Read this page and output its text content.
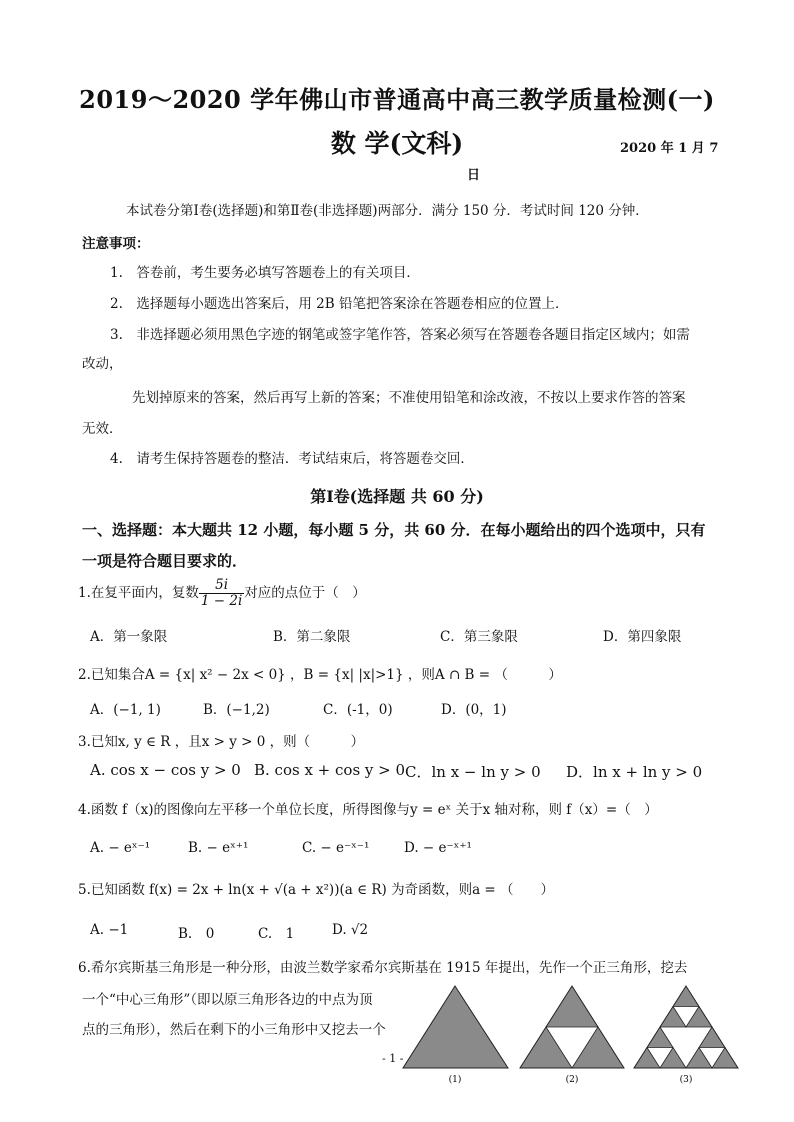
2019～2020 学年佛山市普通高中高三教学质量检测(一)
数 学(文科)	2020 年 1 月 7
日
本试卷分第Ⅰ卷(选择题)和第Ⅱ卷(非选择题)两部分．满分 150 分．考试时间 120 分钟．
注意事项：
1.　答卷前，考生要务必填写答题卷上的有关项目．
2.　选择题每小题选出答案后，用 2B 铅笔把答案涂在答题卷相应的位置上．
3.　非选择题必须用黑色字迹的钢笔或签字笔作答，答案必须写在答题卷各题目指定区域内；如需
改动，
先划掉原来的答案，然后再写上新的答案；不准使用铅笔和涂改液，不按以上要求作答的答案
无效．
4.　请考生保持答题卷的整洁．考试结束后，将答题卷交回．
第Ⅰ卷(选择题 共 60 分)
一、选择题：本大题共 12 小题，每小题 5 分，共 60 分．在每小题给出的四个选项中，只有
一项是符合题目要求的．
1.在复平面内，复数 $\frac{5i}{1 - 2i}$ 对应的点位于（　）
A．第一象限	B．第二象限	C．第三象限	D．第四象限
2.已知集合A = {x| x² − 2x < 0} ，B = {x| |x|>1} ，则A ∩ B = （　　　）
A．(−1, 1)	B．(−1,2)	C．(-1，0)	D．(0，1)
3.已知x, y ∈ R ，且x > y > 0 ，则（　　　）
A. cos x − cos y > 0 B. cos x + cos y > 0 C．ln x − ln y > 0 D．ln x + ln y > 0
4.函数 f（x)的图像向左平移一个单位长度，所得图像与y = eˣ 关于x 轴对称，则 f（x）=（　）
A. − eˣ⁻¹	B. − eˣ⁺¹	C. − e⁻ˣ⁻¹	D. − e⁻ˣ⁺¹
5.已知函数 f(x) = 2x + ln(x + √(a + x²))(a ∈ R) 为奇函数，则a = （　　）
A. −1	B.　0	C.　1	D. √2
6.希尔宾斯基三角形是一种分形，由波兰数学家希尔宾斯基在 1915 年提出，先作一个正三角形，挖去
一个“中心三角形”（即以原三角形各边的中点为顶
点的三角形），然后在剩下的小三角形中又挖去一个
(1)	(2)	(3)
- 1 -
